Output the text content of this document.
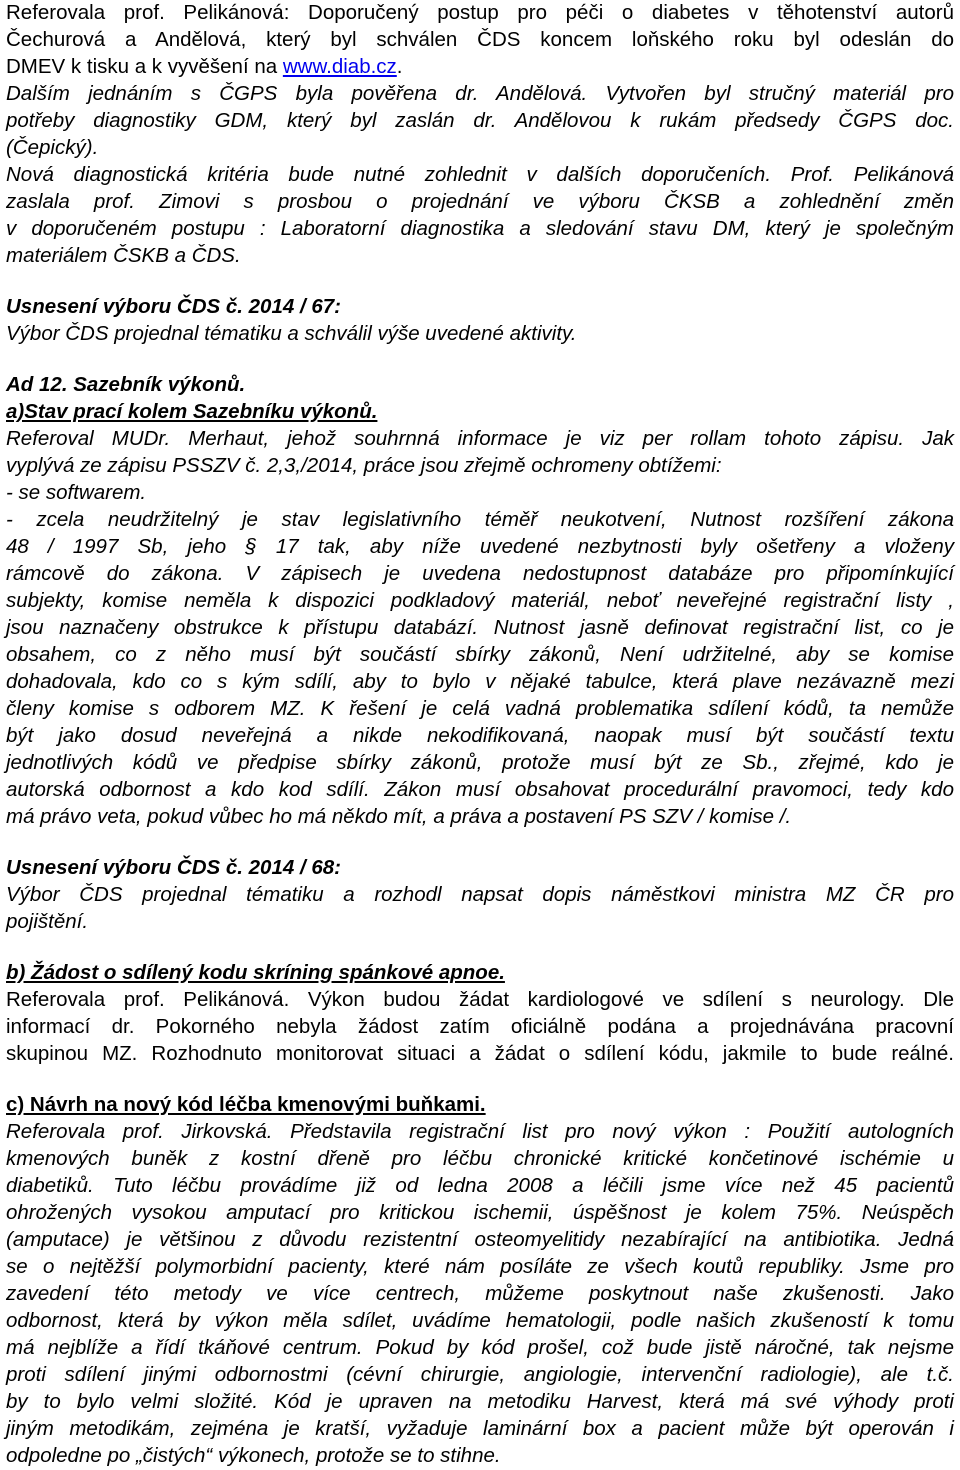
Referovala prof. Pelikánová: Doporučený postup pro péči o diabetes v těhotenství autorů
Čechurová a Andělová, který byl schválen ČDS koncem loňského roku byl odeslán do
DMEV k tisku a k vyvěšení na www.diab.cz.
Dalším jednáním s ČGPS byla pověřena dr. Andělová. Vytvořen byl stručný materiál pro
potřeby diagnostiky GDM, který byl zaslán dr. Andělovou k rukám předsedy ČGPS doc.
(Čepický).
Nová diagnostická kritéria bude nutné zohlednit v dalších doporučeních. Prof. Pelikánová
zaslala prof. Zimovi s prosbou o projednání ve výboru ČKSB a zohlednění změn
v doporučeném postupu : Laboratorní diagnostika a sledování stavu DM, který je společným
materiálem ČSKB a ČDS.
Usnesení výboru ČDS č. 2014 / 67:
Výbor ČDS projednal tématiku a schválil výše uvedené aktivity.
Ad 12. Sazebník výkonů.
a)Stav prací kolem Sazebníku výkonů.
Referoval MUDr. Merhaut, jehož souhrnná informace je viz per rollam tohoto zápisu. Jak
vyplývá ze zápisu PSSZV č. 2,3,/2014, práce jsou zřejmě ochromeny obtížemi:
- se softwarem.
- zcela neudržitelný je stav legislativního téměř neukotvení, Nutnost rozšíření zákona
48 / 1997 Sb, jeho § 17 tak, aby níže uvedené nezbytnosti byly ošetřeny a vloženy
rámcově do zákona. V zápisech je uvedena nedostupnost databáze pro připomínkující
subjekty, komise neměla k dispozici podkladový materiál, neboť neveřejné registrační listy ,
jsou naznačeny obstrukce k přístupu databází. Nutnost jasně definovat registrační list, co je
obsahem, co z něho musí být součástí sbírky zákonů, Není udržitelné, aby se komise
dohadovala, kdo co s kým sdílí, aby to bylo v nějaké tabulce, která plave nezávazně mezi
členy komise s odborem MZ. K řešení je celá vadná problematika sdílení kódů, ta nemůže
být jako dosud neveřejná a nikde nekodifikovaná, naopak musí být součástí textu
jednotlivých kódů ve předpise sbírky zákonů, protože musí být ze Sb., zřejmé, kdo je
autorská odbornost a kdo kod sdílí. Zákon musí obsahovat procedurální pravomoci, tedy kdo
má právo veta, pokud vůbec ho má někdo mít, a práva a postavení PS SZV / komise /.
Usnesení výboru ČDS č. 2014 / 68:
Výbor ČDS projednal tématiku a rozhodl napsat dopis náměstkovi ministra MZ ČR pro
pojištění.
b) Žádost o sdílený kodu skríning spánkové apnoe.
Referovala prof. Pelikánová. Výkon budou žádat kardiologové ve sdílení s neurology. Dle
informací dr. Pokorného nebyla žádost zatím oficiálně podána a projednávána pracovní
skupinou MZ. Rozhodnuto monitorovat situaci a žádat o sdílení kódu, jakmile to bude reálné.
c) Návrh na nový kód léčba kmenovými buňkami.
Referovala prof. Jirkovská. Představila registrační list pro nový výkon : Použití autologních
kmenových buněk z kostní dřeně pro léčbu chronické kritické končetinové ischémie u
diabetiků. Tuto léčbu provádíme již od ledna 2008 a léčili jsme více než 45 pacientů
ohrožených vysokou amputací pro kritickou ischemii, úspěšnost je kolem 75%. Neúspěch
(amputace) je většinou z důvodu rezistentní osteomyelitidy nezabírající na antibiotika. Jedná
se o nejtěžší polymorbidní pacienty, které nám posíláte ze všech koutů republiky. Jsme pro
zavedení této metody ve více centrech, můžeme poskytnout naše zkušenosti. Jako
odbornost, která by výkon měla sdílet, uvádíme hematologii, podle našich zkušeností k tomu
má nejblíže a řídí tkáňové centrum. Pokud by kód prošel, což bude jistě náročné, tak nejsme
proti sdílení jinými odbornostmi (cévní chirurgie, angiologie, intervenční radiologie), ale t.č.
by to bylo velmi složité. Kód je upraven na metodiku Harvest, která má své výhody proti
jiným metodikám, zejména je kratší, vyžaduje laminární box a pacient může být operován i
odpoledne po „čistých“ výkonech, protože se to stihne.
